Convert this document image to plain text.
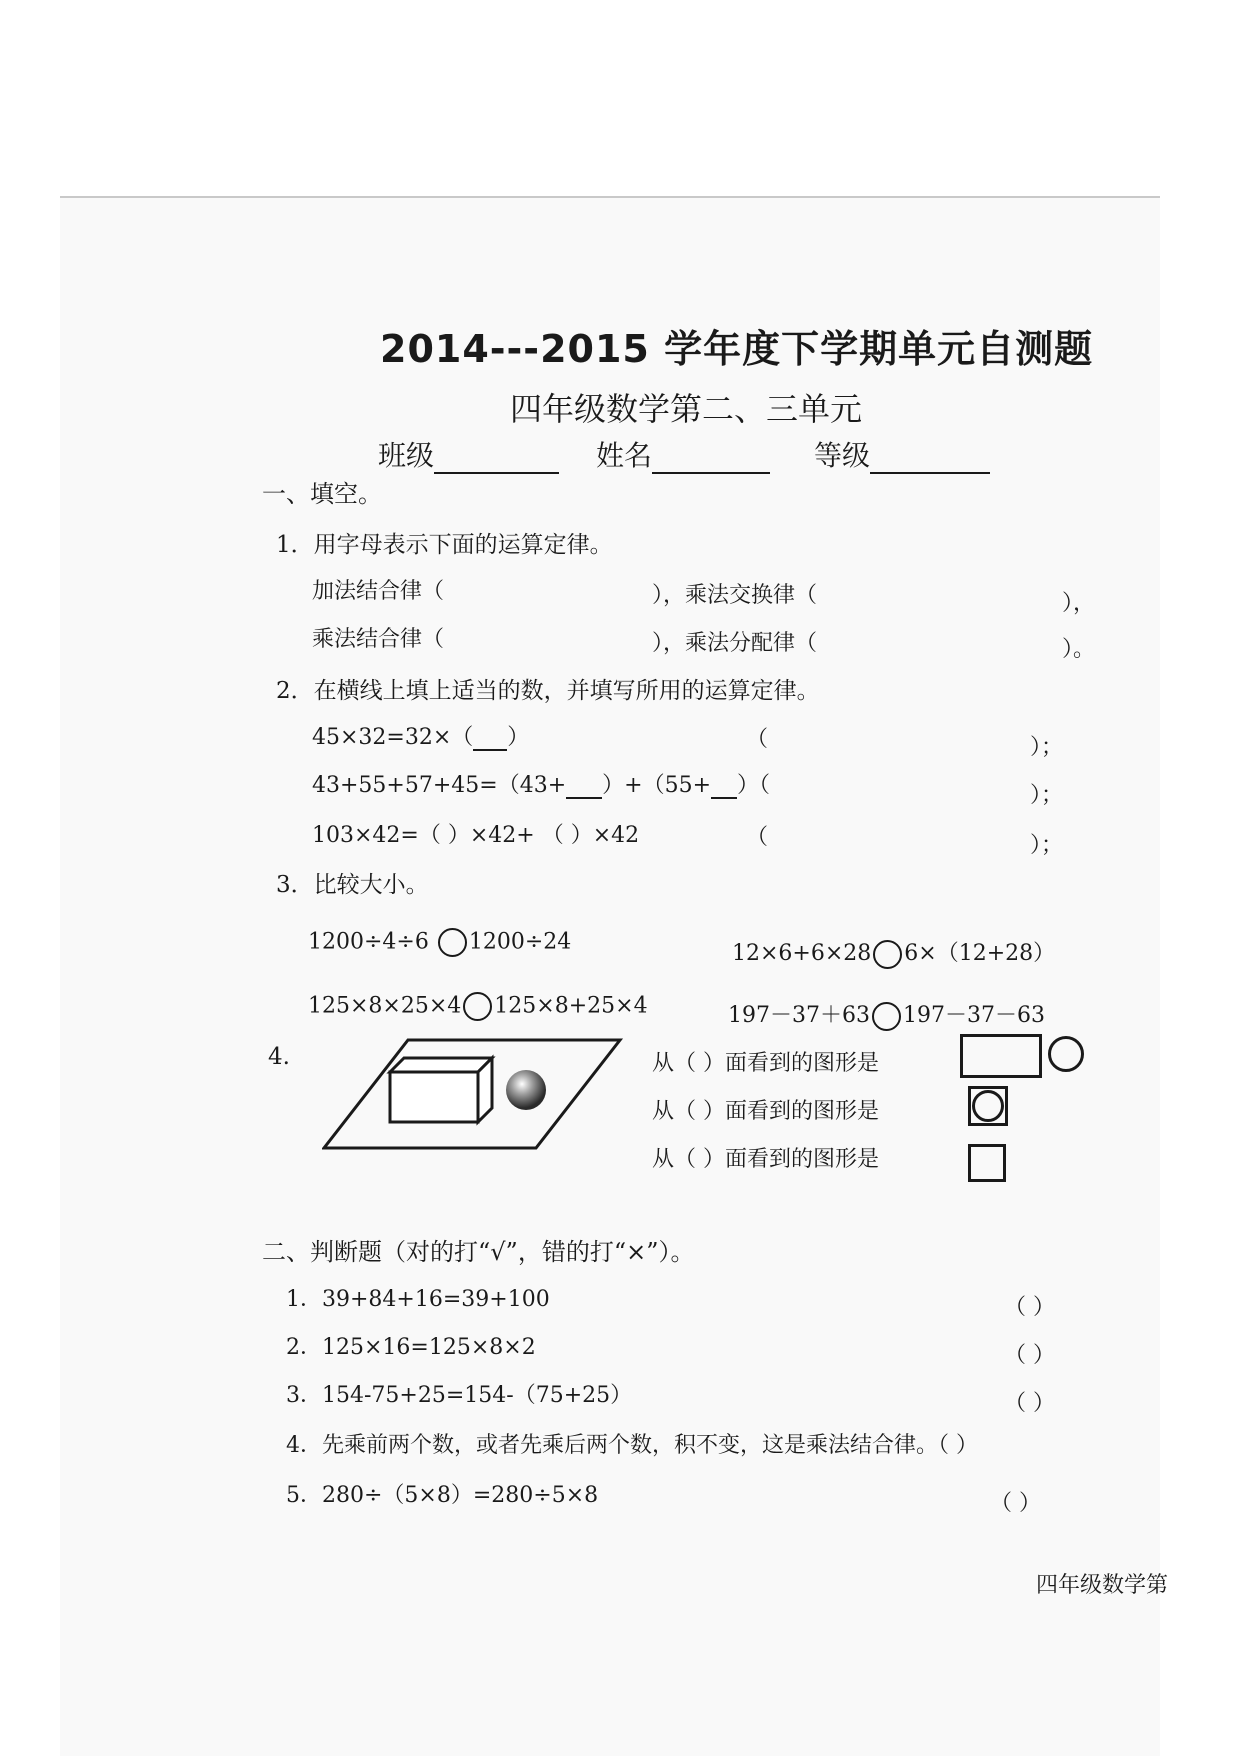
2014---2015 学年度下学期单元自测题
四年级数学第二、三单元
班级	姓名	等级
一、填空。
1．用字母表示下面的运算定律。
加法结合律（	），乘法交换律（	），
乘法结合律（	），乘法分配律（	）。
2．在横线上填上适当的数，并填写所用的运算定律。
45×32=32×（ ）	（	）；
43+55+57+45=（43+ ）+（55+ ）（	）；
103×42=（ ）×42+ （ ）×42	（	）；
3．比较大小。
1200÷4÷6 1200÷24	12×6+6×28 6×（12+28）
125×8×25×4 125×8+25×4	197－37＋63 197－37－63
4.	从（ ）面看到的图形是
从（ ）面看到的图形是
从（ ）面看到的图形是
二、判断题（对的打“√”，错的打“×”）。
1．39+84+16=39+100	（ ）
2．125×16=125×8×2	（ ）
3．154-75+25=154-（75+25）	（ ）
4．先乘前两个数，或者先乘后两个数，积不变，这是乘法结合律。（ ）
5．280÷（5×8）=280÷5×8	（ ）
四年级数学第
